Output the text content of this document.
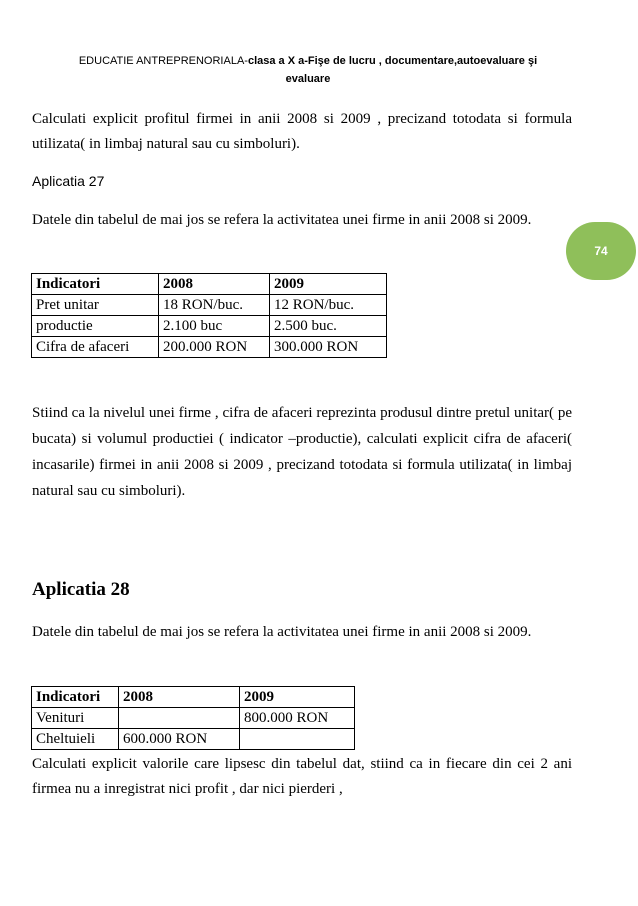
EDUCATIE ANTREPRENORIALA-clasa a X a-Fişe de lucru , documentare,autoevaluare şi
evaluare
Calculati explicit profitul firmei in anii 2008 si 2009 , precizand totodata si formula utilizata( in limbaj natural sau cu simboluri).
Aplicatia 27
Datele din tabelul de mai jos se refera la activitatea unei firme in anii 2008 si 2009.
74
Indicatori	2008	2009
Pret unitar	18 RON/buc.	12 RON/buc.
productie	2.100 buc	2.500 buc.
Cifra de afaceri	200.000 RON	300.000 RON
Stiind ca la nivelul unei firme , cifra de afaceri reprezinta produsul dintre pretul unitar( pe bucata) si volumul productiei ( indicator –productie), calculati explicit cifra de afaceri( incasarile) firmei in anii 2008 si 2009 , precizand totodata si formula utilizata( in limbaj natural sau cu simboluri).
Aplicatia 28
Datele din tabelul de mai jos se refera la activitatea unei firme in anii 2008 si 2009.
Indicatori	2008	2009
Venituri		800.000 RON
Cheltuieli	600.000 RON	
Calculati explicit valorile care lipsesc din tabelul dat, stiind ca in fiecare din cei 2 ani firmea nu a inregistrat nici profit , dar nici pierderi ,
